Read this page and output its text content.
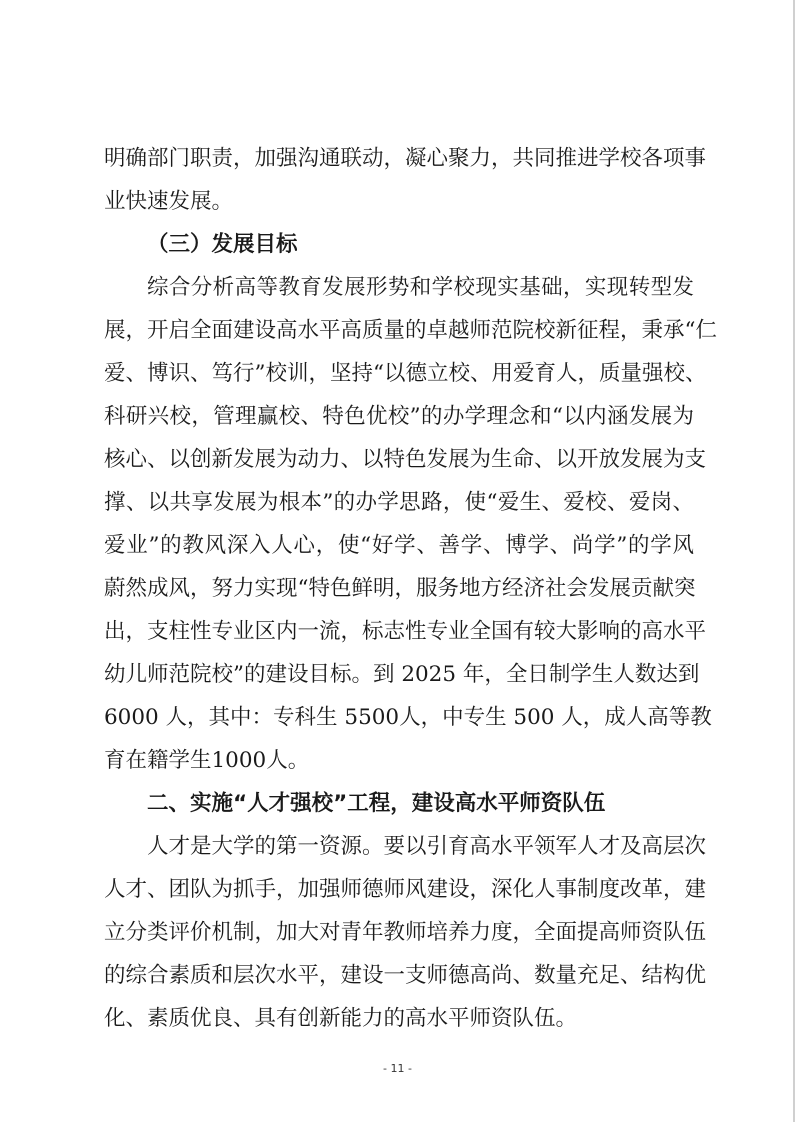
明确部门职责，加强沟通联动，凝心聚力，共同推进学校各项事
业快速发展。
（三）发展目标
综合分析高等教育发展形势和学校现实基础，实现转型发
展，开启全面建设高水平高质量的卓越师范院校新征程，秉承“仁
爱、博识、笃行”校训，坚持“以德立校、用爱育人，质量强校、
科研兴校，管理赢校、特色优校”的办学理念和“以内涵发展为
核心、以创新发展为动力、以特色发展为生命、以开放发展为支
撑、以共享发展为根本”的办学思路，使“爱生、爱校、爱岗、
爱业”的教风深入人心，使“好学、善学、博学、尚学”的学风
蔚然成风，努力实现“特色鲜明，服务地方经济社会发展贡献突
出，支柱性专业区内一流，标志性专业全国有较大影响的高水平
幼儿师范院校”的建设目标。到 2025 年，全日制学生人数达到
6000 人，其中：专科生 5500人，中专生 500 人，成人高等教
育在籍学生1000人。
二、实施“人才强校”工程，建设高水平师资队伍
人才是大学的第一资源。要以引育高水平领军人才及高层次
人才、团队为抓手，加强师德师风建设，深化人事制度改革，建
立分类评价机制，加大对青年教师培养力度，全面提高师资队伍
的综合素质和层次水平，建设一支师德高尚、数量充足、结构优
化、素质优良、具有创新能力的高水平师资队伍。
- 11 -
